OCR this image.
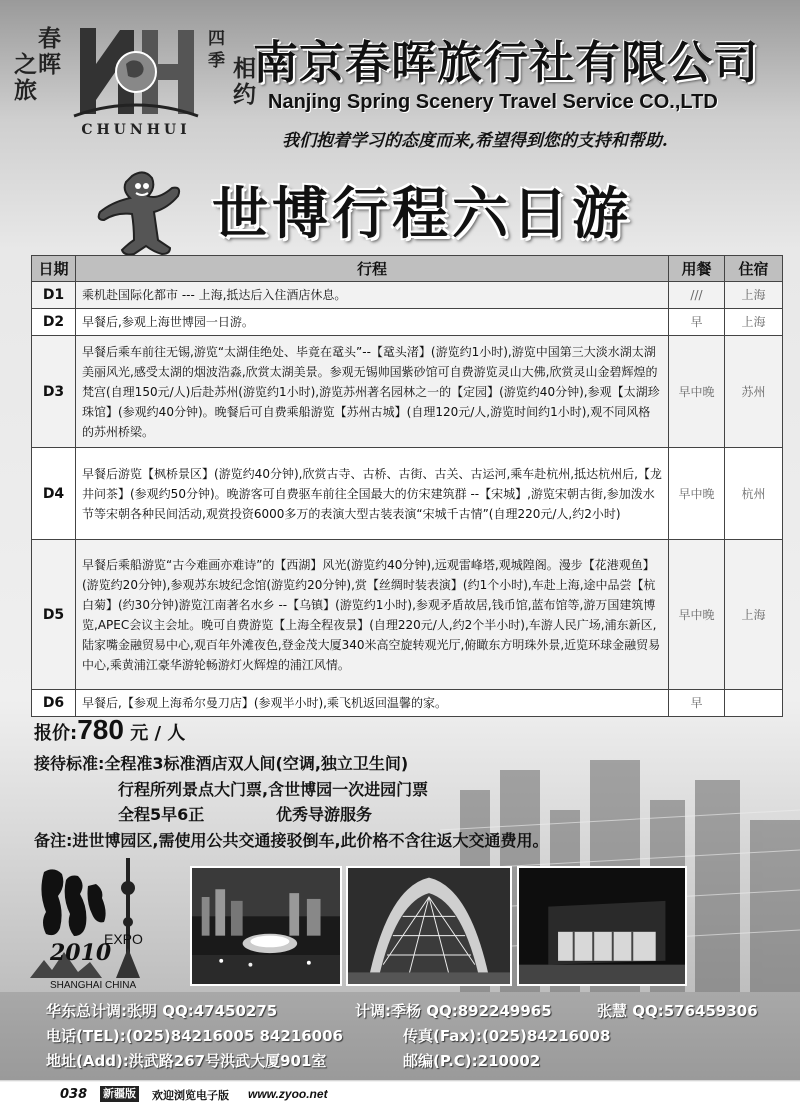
春晖
之旅
四季 相约
CHUNHUI
南京春晖旅行社有限公司
Nanjing Spring Scenery Travel Service CO.,LTD
我们抱着学习的态度而来,希望得到您的支持和帮助.
世博行程六日游
日期	行程	用餐	住宿
D1	乘机赴国际化都市 --- 上海,抵达后入住酒店休息。	///	上海
D2	早餐后,参观上海世博园一日游。	早	上海
D3	早餐后乘车前往无锡,游览“太湖佳绝处、毕竟在鼋头”--【鼋头渚】(游览约1小时),游览中国第三大淡水湖太湖美丽风光,感受太湖的烟波浩淼,欣赏太湖美景。参观无锡帅国紫砂馆可自费游览灵山大佛,欣赏灵山金碧辉煌的梵宫(自理150元/人)后赴苏州(游览约1小时),游览苏州著名园林之一的【定园】(游览约40分钟),参观【太湖珍珠馆】(参观约40分钟)。晚餐后可自费乘船游览【苏州古城】(自理120元/人,游览时间约1小时),观不同风格的苏州桥梁。	早中晚	苏州
D4	早餐后游览【枫桥景区】(游览约40分钟),欣赏古寺、古桥、古街、古关、古运河,乘车赴杭州,抵达杭州后,【龙井问茶】(参观约50分钟)。晚游客可自费驱车前往全国最大的仿宋建筑群 --【宋城】,游览宋朝古街,参加泼水节等宋朝各种民间活动,观赏投资6000多万的表演大型古装表演“宋城千古情”(自理220元/人,约2小时)	早中晚	杭州
D5	早餐后乘船游览“古今难画亦难诗”的【西湖】风光(游览约40分钟),远观雷峰塔,观城隍阁。漫步【花港观鱼】(游览约20分钟),参观苏东坡纪念馆(游览约20分钟),赏【丝绸时装表演】(约1个小时),车赴上海,途中品尝【杭白菊】(约30分钟)游览江南著名水乡 --【乌镇】(游览约1小时),参观矛盾故居,钱币馆,蓝布馆等,游万国建筑博览,APEC会议主会址。晚可自费游览【上海全程夜景】(自理220元/人,约2个半小时),车游人民广场,浦东新区,陆家嘴金融贸易中心,观百年外滩夜色,登金茂大厦340米高空旋转观光厅,俯瞰东方明珠外景,近览环球金融贸易中心,乘黄浦江豪华游轮畅游灯火辉煌的浦江风情。	早中晚	上海
D6	早餐后,【参观上海希尔曼刀店】(参观半小时),乘飞机返回温馨的家。	早	
报价:780 元 / 人
接待标准:全程准3标准酒店双人间(空调,独立卫生间)
行程所列景点大门票,含世博园一次进园门票
全程5早6正	优秀导游服务
备注:进世博园区,需使用公共交通接驳倒车,此价格不含往返大交通费用。
EXPO
2010
SHANGHAI CHINA
华东总计调:张明 QQ:47450275	计调:季杨 QQ:892249965	张慧 QQ:576459306
电话(TEL):(025)84216005 84216006	传真(Fax):(025)84216008
地址(Add):洪武路267号洪武大厦901室	邮编(P.C):210002
038 新疆版 欢迎浏览电子版 www.zyoo.net
